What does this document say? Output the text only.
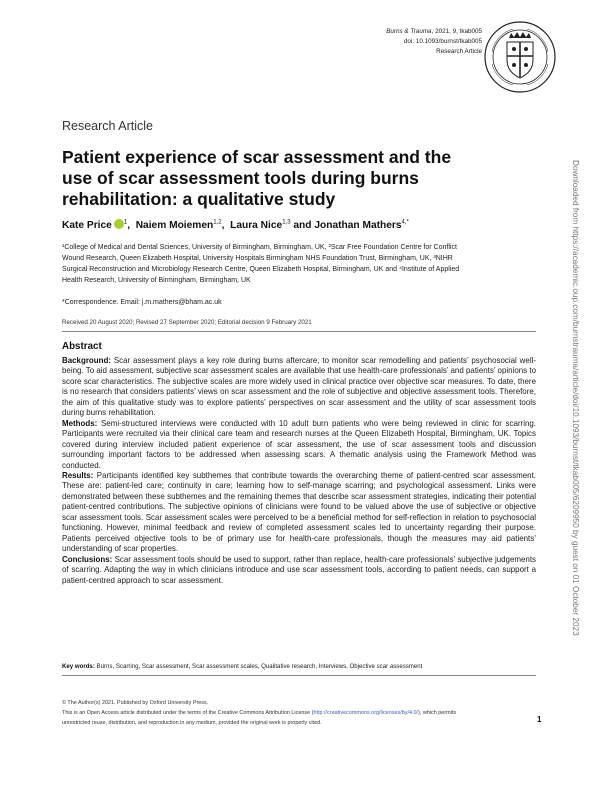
Burns & Trauma, 2021, 9, tkab005
doi: 10.1093/burnst/tkab005
Research Article
Research Article
Patient experience of scar assessment and the use of scar assessment tools during burns rehabilitation: a qualitative study
Kate Price $^1$,  Naiem Moiemen$^{1,2}$,  Laura Nice$^{1,3}$ and Jonathan Mathers$^{4,*}$
¹College of Medical and Dental Sciences, University of Birmingham, Birmingham, UK, ²Scar Free Foundation Centre for Conflict Wound Research, Queen Elizabeth Hospital, University Hospitals Birmingham NHS Foundation Trust, Birmingham, UK, ³NIHR Surgical Reconstruction and Microbiology Research Centre, Queen Elizabeth Hospital, Birmingham, UK and ⁴Institute of Applied Health Research, University of Birmingham, Birmingham, UK
*Correspondence. Email: j.m.mathers@bham.ac.uk
Received 20 August 2020; Revised 27 September 2020; Editorial decision 9 February 2021
Abstract

Background: Scar assessment plays a key role during burns aftercare, to monitor scar remodelling and patients’ psychosocial well-being. To aid assessment, subjective scar assessment scales are available that use health-care professionals’ and patients’ opinions to score scar characteristics. The subjective scales are more widely used in clinical practice over objective scar measures. To date, there is no research that considers patients’ views on scar assessment and the role of subjective and objective assessment tools. Therefore, the aim of this qualitative study was to explore patients’ perspectives on scar assessment and the utility of scar assessment tools during burns rehabilitation.

Methods: Semi-structured interviews were conducted with 10 adult burn patients who were being reviewed in clinic for scarring. Participants were recruited via their clinical care team and research nurses at the Queen Elizabeth Hospital, Birmingham, UK. Topics covered during interview included patient experience of scar assessment, the use of scar assessment tools and discussion surrounding important factors to be addressed when assessing scars. A thematic analysis using the Framework Method was conducted.

Results: Participants identified key subthemes that contribute towards the overarching theme of patient-centred scar assessment. These are: patient-led care; continuity in care; learning how to self-manage scarring; and psychological assessment. Links were demonstrated between these subthemes and the remaining themes that describe scar assessment strategies, indicating their potential patient-centred contributions. The subjective opinions of clinicians were found to be valued above the use of subjective or objective scar assessment tools. Scar assessment scales were perceived to be a beneficial method for self-reflection in relation to psychosocial functioning. However, minimal feedback and review of completed assessment scales led to uncertainty regarding their purpose. Patients perceived objective tools to be of primary use for health-care professionals, though the measures may aid patients’ understanding of scar properties.

Conclusions: Scar assessment tools should be used to support, rather than replace, health-care professionals’ subjective judgements of scarring. Adapting the way in which clinicians introduce and use scar assessment tools, according to patient needs, can support a patient-centred approach to scar assessment.

Key words: Burns, Scarring, Scar assessment, Scar assessment scales, Qualitative research, Interviews, Objective scar assessment

© The Author(s) 2021. Published by Oxford University Press.

This is an Open Access article distributed under the terms of the Creative Commons Attribution License (http://creativecommons.org/licenses/by/4.0/), which permits

unrestricted reuse, distribution, and reproduction in any medium, provided the original work is properly cited.	1
Downloaded from https://academic.oup.com/burnstrauma/article/doi/10.1093/burnst/tkab005/6209950 by guest on 01 October 2023
